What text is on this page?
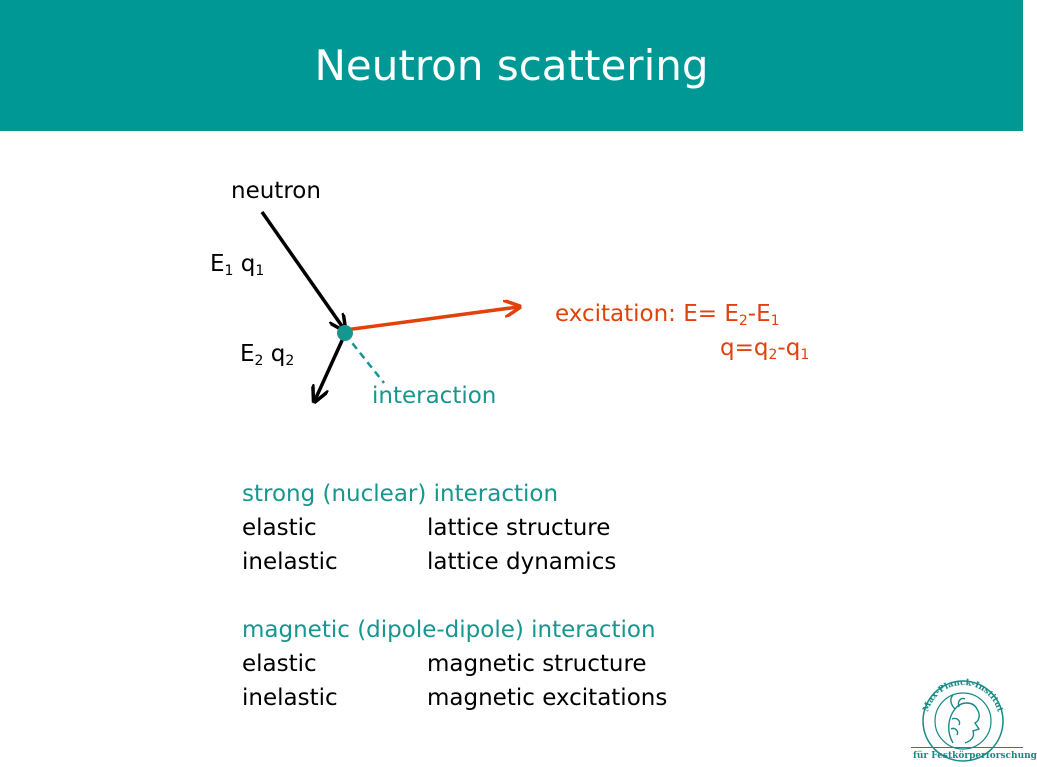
Neutron scattering
neutron
$E_1$ $q_1$
$E_2$ $q_2$
interaction
excitation: $E= E_2-E_1$
$q=q_2-q_1$
strong (nuclear) interaction
elastic	lattice structure
inelastic	lattice dynamics
magnetic (dipole-dipole) interaction
elastic	magnetic structure
inelastic	magnetic excitations	Max-Planck-Institut
für Festkörperforschung
